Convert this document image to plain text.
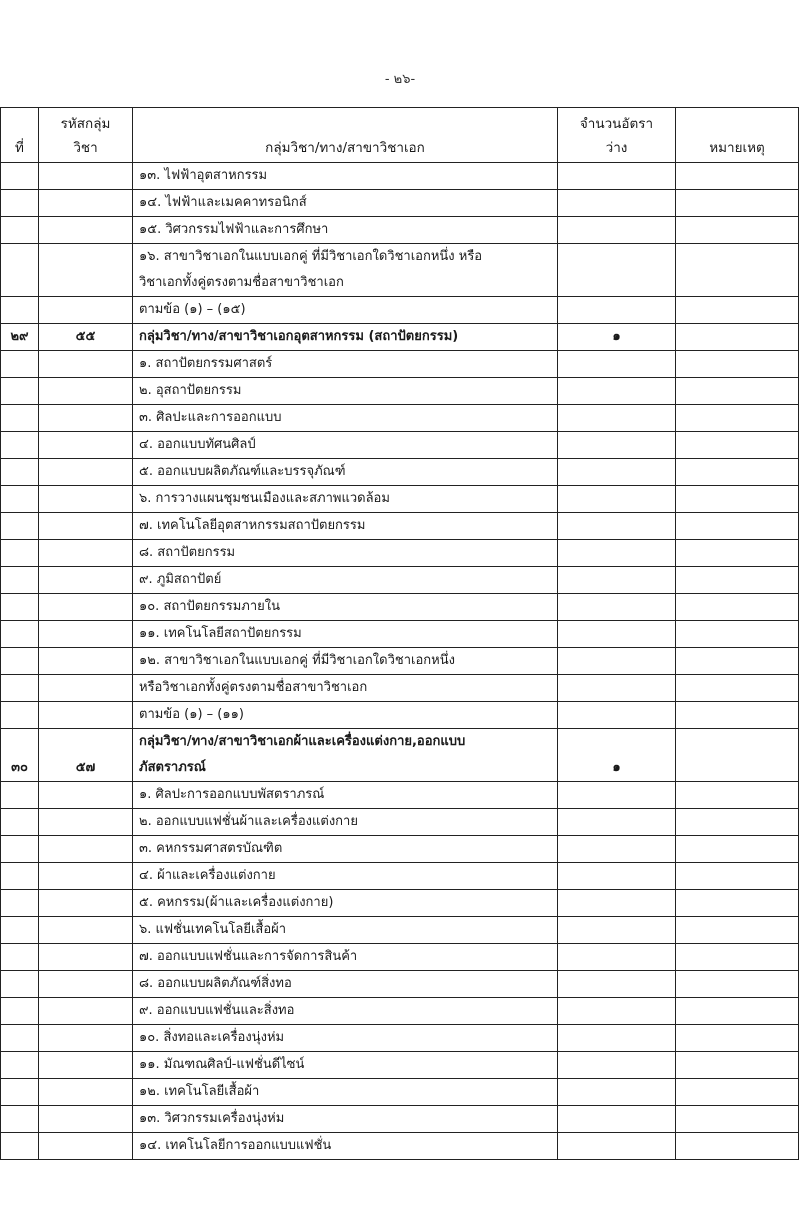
- ๒๖-
ที่	รหัสกลุ่ม
วิชา	กลุ่มวิชา/ทาง/สาขาวิชาเอก	จำนวนอัตรา
ว่าง	หมายเหตุ
		๑๓. ไฟฟ้าอุตสาหกรรม		
		๑๔. ไฟฟ้าและเมคคาทรอนิกส์		
		๑๕. วิศวกรรมไฟฟ้าและการศึกษา		

		๑๖. สาขาวิชาเอกในแบบเอกคู่ ที่มีวิชาเอกใดวิชาเอกหนึ่ง หรือ
วิชาเอกทั้งคู่ตรงตามชื่อสาขาวิชาเอก		

		ตามข้อ (๑) – (๑๕)		
๒๙	๕๕	กลุ่มวิชา/ทาง/สาขาวิชาเอกอุตสาหกรรม (สถาปัตยกรรม)	๑	
		๑. สถาปัตยกรรมศาสตร์		
		๒. อุสถาปัตยกรรม		
		๓. ศิลปะและการออกแบบ		
		๔. ออกแบบทัศนศิลป์		
		๕. ออกแบบผลิตภัณฑ์และบรรจุภัณฑ์		
		๖. การวางแผนชุมชนเมืองและสภาพแวดล้อม		
		๗. เทคโนโลยีอุตสาหกรรมสถาปัตยกรรม		
		๘. สถาปัตยกรรม		
		๙. ภูมิสถาปัตย์		
		๑๐. สถาปัตยกรรมภายใน		
		๑๑. เทคโนโลยีสถาปัตยกรรม		
		๑๒. สาขาวิชาเอกในแบบเอกคู่ ที่มีวิชาเอกใดวิชาเอกหนึ่ง		
		หรือวิชาเอกทั้งคู่ตรงตามชื่อสาขาวิชาเอก		
		ตามข้อ (๑) – (๑๑)		
๓๐	๕๗	กลุ่มวิชา/ทาง/สาขาวิชาเอกผ้าและเครื่องแต่งกาย,ออกแบบ
ภัสตราภรณ์	๑	
		๑. ศิลปะการออกแบบพัสตราภรณ์		
		๒. ออกแบบแฟชั่นผ้าและเครื่องแต่งกาย		
		๓. คหกรรมศาสตรบัณฑิต		
		๔. ผ้าและเครื่องแต่งกาย		
		๕. คหกรรม(ผ้าและเครื่องแต่งกาย)		
		๖. แฟชั่นเทคโนโลยีเสื้อผ้า		
		๗. ออกแบบแฟชั่นและการจัดการสินค้า		
		๘. ออกแบบผลิตภัณฑ์สิ่งทอ		
		๙. ออกแบบแฟชั่นและสิ่งทอ		
		๑๐. สิ่งทอและเครื่องนุ่งห่ม		
		๑๑. มัณฑณศิลป์-แฟชั่นดีไซน์		
		๑๒. เทคโนโลยีเสื้อผ้า		
		๑๓. วิศวกรรมเครื่องนุ่งห่ม		
		๑๔. เทคโนโลยีการออกแบบแฟชั่น		
